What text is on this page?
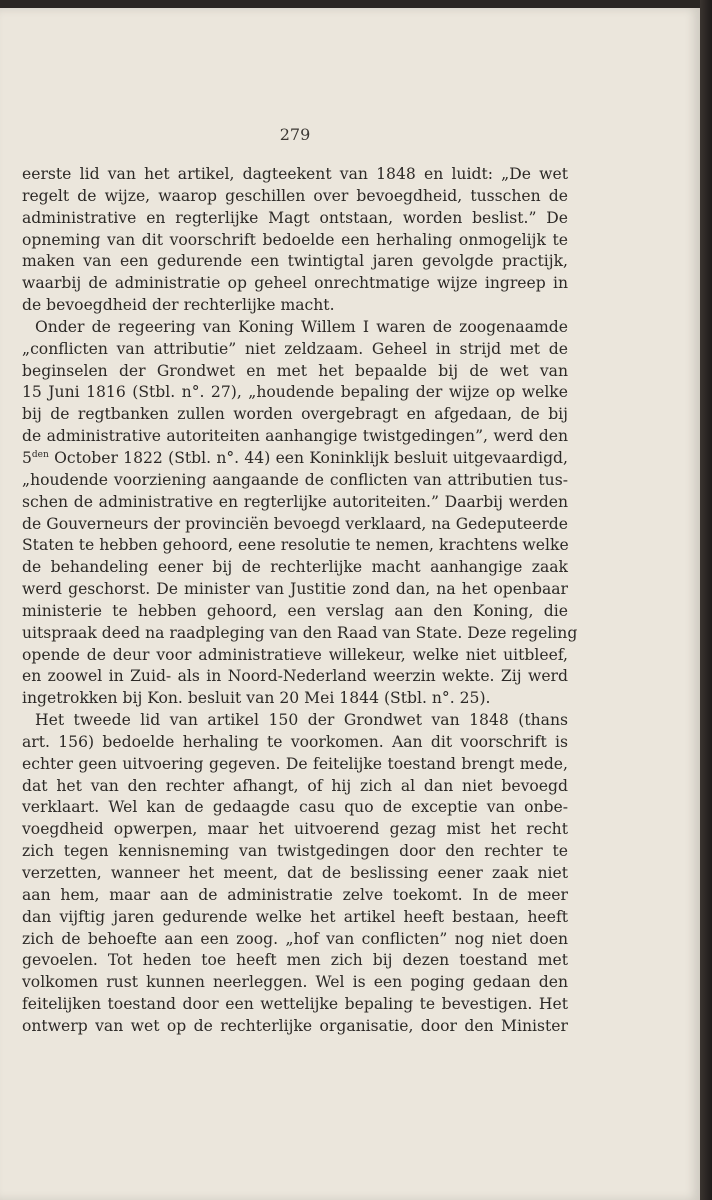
279
eerste lid van het artikel, dagteekent van 1848 en luidt: „De wet
regelt de wijze, waarop geschillen over bevoegdheid, tusschen de
administrative en regterlijke Magt ontstaan, worden beslist.” De
opneming van dit voorschrift bedoelde een herhaling onmogelijk te
maken van een gedurende een twintigtal jaren gevolgde practijk,
waarbij de administratie op geheel onrechtmatige wijze ingreep in
de bevoegdheid der rechterlijke macht.
Onder de regeering van Koning Willem I waren de zoogenaamde
„conflicten van attributie” niet zeldzaam. Geheel in strijd met de
beginselen der Grondwet en met het bepaalde bij de wet van
15 Juni 1816 (Stbl. n°. 27), „houdende bepaling der wijze op welke
bij de regtbanken zullen worden overgebragt en afgedaan, de bij
de administrative autoriteiten aanhangige twistgedingen”, werd den
$5^{den}$ October 1822 (Stbl. n°. 44) een Koninklijk besluit uitgevaardigd,
„houdende voorziening aangaande de conflicten van attributien tus-
schen de administrative en regterlijke autoriteiten.” Daarbij werden
de Gouverneurs der provinciën bevoegd verklaard, na Gedeputeerde
Staten te hebben gehoord, eene resolutie te nemen, krachtens welke
de behandeling eener bij de rechterlijke macht aanhangige zaak
werd geschorst. De minister van Justitie zond dan, na het openbaar
ministerie te hebben gehoord, een verslag aan den Koning, die
uitspraak deed na raadpleging van den Raad van State. Deze regeling
opende de deur voor administratieve willekeur, welke niet uitbleef,
en zoowel in Zuid- als in Noord-Nederland weerzin wekte. Zij werd
ingetrokken bij Kon. besluit van 20 Mei 1844 (Stbl. n°. 25).
Het tweede lid van artikel 150 der Grondwet van 1848 (thans
art. 156) bedoelde herhaling te voorkomen. Aan dit voorschrift is
echter geen uitvoering gegeven. De feitelijke toestand brengt mede,
dat het van den rechter afhangt, of hij zich al dan niet bevoegd
verklaart. Wel kan de gedaagde casu quo de exceptie van onbe-
voegdheid opwerpen, maar het uitvoerend gezag mist het recht
zich tegen kennisneming van twistgedingen door den rechter te
verzetten, wanneer het meent, dat de beslissing eener zaak niet
aan hem, maar aan de administratie zelve toekomt. In de meer
dan vijftig jaren gedurende welke het artikel heeft bestaan, heeft
zich de behoefte aan een zoog. „hof van conflicten” nog niet doen
gevoelen. Tot heden toe heeft men zich bij dezen toestand met
volkomen rust kunnen neerleggen. Wel is een poging gedaan den
feitelijken toestand door een wettelijke bepaling te bevestigen. Het
ontwerp van wet op de rechterlijke organisatie, door den Minister
